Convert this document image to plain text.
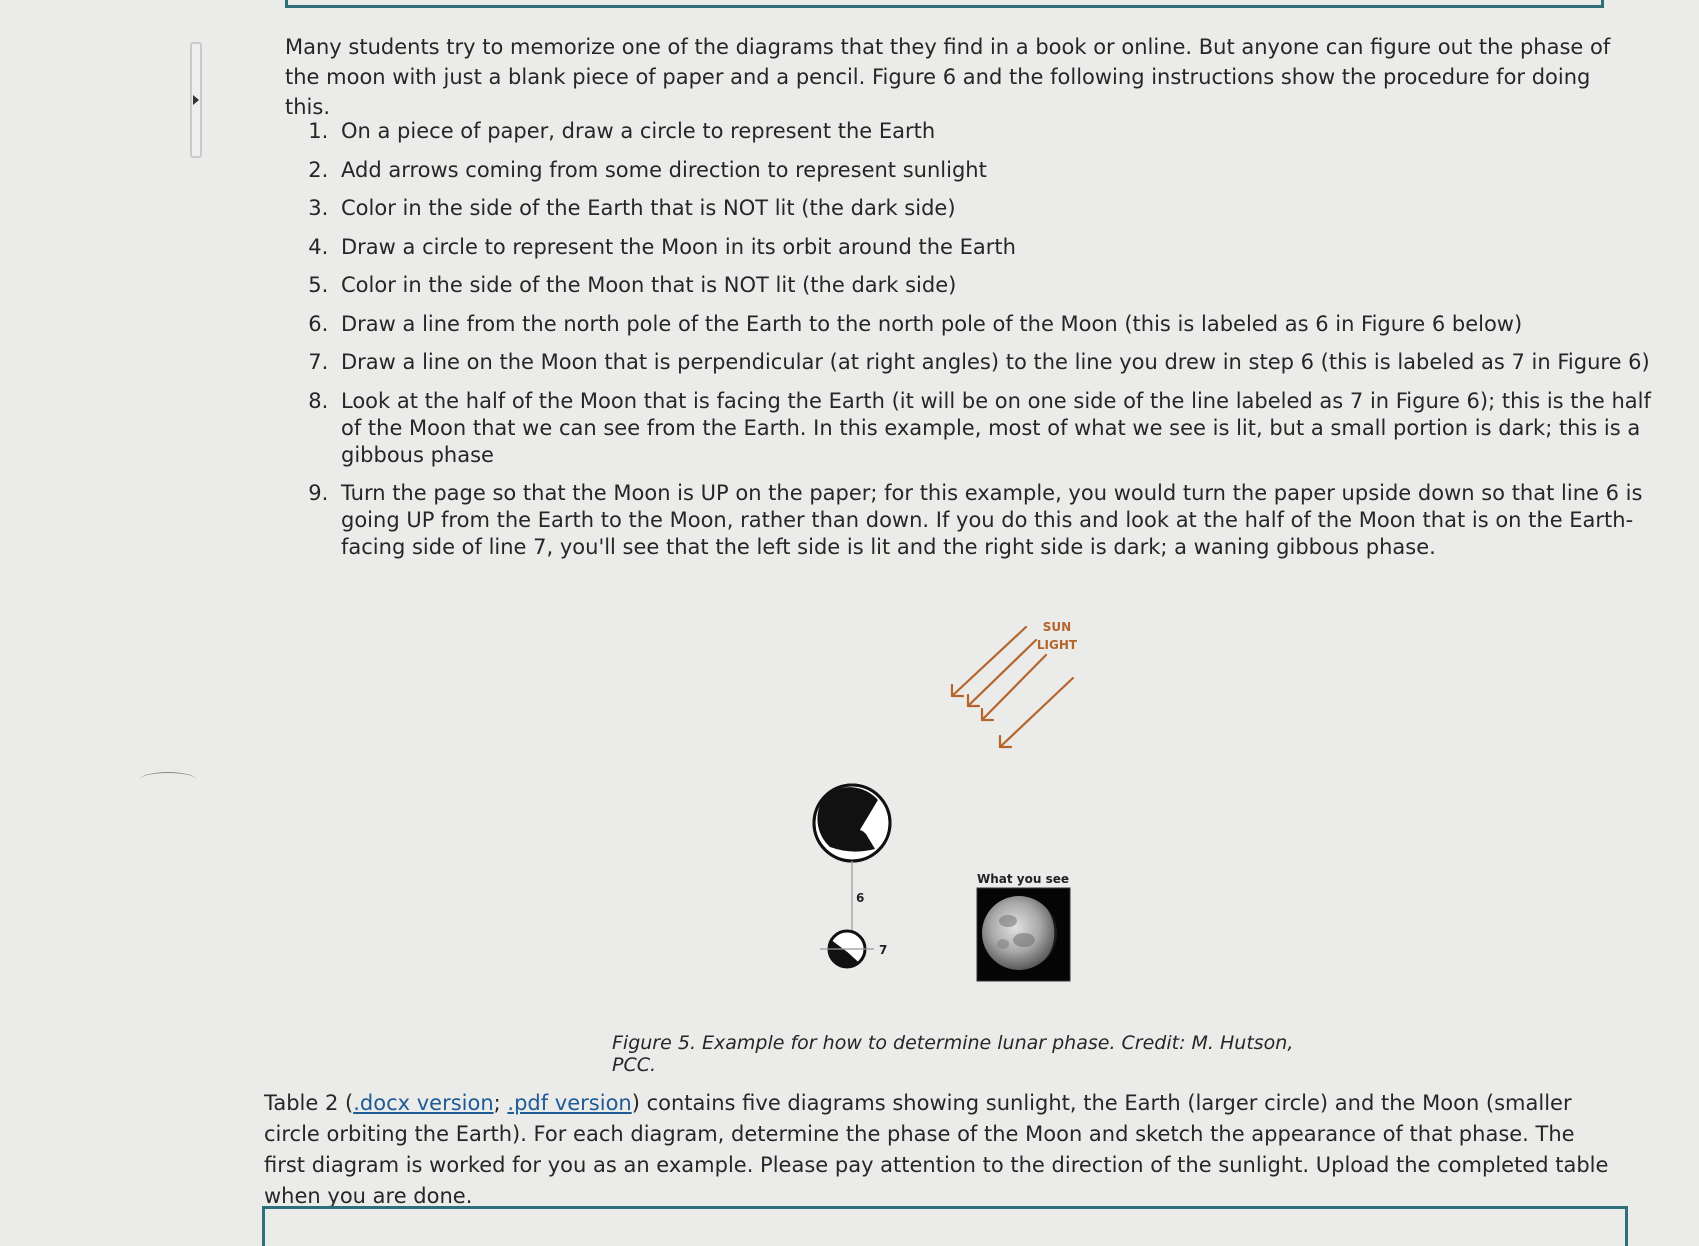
Many students try to memorize one of the diagrams that they find in a book or online. But anyone can figure out the phase of the moon with just a blank piece of paper and a pencil. Figure 6 and the following instructions show the procedure for doing this.

1. On a piece of paper, draw a circle to represent the Earth
2. Add arrows coming from some direction to represent sunlight
3. Color in the side of the Earth that is NOT lit (the dark side)
4. Draw a circle to represent the Moon in its orbit around the Earth
5. Color in the side of the Moon that is NOT lit (the dark side)
6. Draw a line from the north pole of the Earth to the north pole of the Moon (this is labeled as 6 in Figure 6 below)
7. Draw a line on the Moon that is perpendicular (at right angles) to the line you drew in step 6 (this is labeled as 7 in Figure 6)
8. Look at the half of the Moon that is facing the Earth (it will be on one side of the line labeled as 7 in Figure 6); this is the half of the Moon that we can see from the Earth. In this example, most of what we see is lit, but a small portion is dark; this is a gibbous phase
9. Turn the page so that the Moon is UP on the paper; for this example, you would turn the paper upside down so that line 6 is going UP from the Earth to the Moon, rather than down. If you do this and look at the half of the Moon that is on the Earth-facing side of line 7, you'll see that the left side is lit and the right side is dark; a waning gibbous phase.
SUN
LIGHT
6
7
What you see

Figure 5. Example for how to determine lunar phase. Credit: M. Hutson, PCC.

Table 2 (.docx version; .pdf version) contains five diagrams showing sunlight, the Earth (larger circle) and the Moon (smaller circle orbiting the Earth). For each diagram, determine the phase of the Moon and sketch the appearance of that phase. The first diagram is worked for you as an example. Please pay attention to the direction of the sunlight. Upload the completed table when you are done.
